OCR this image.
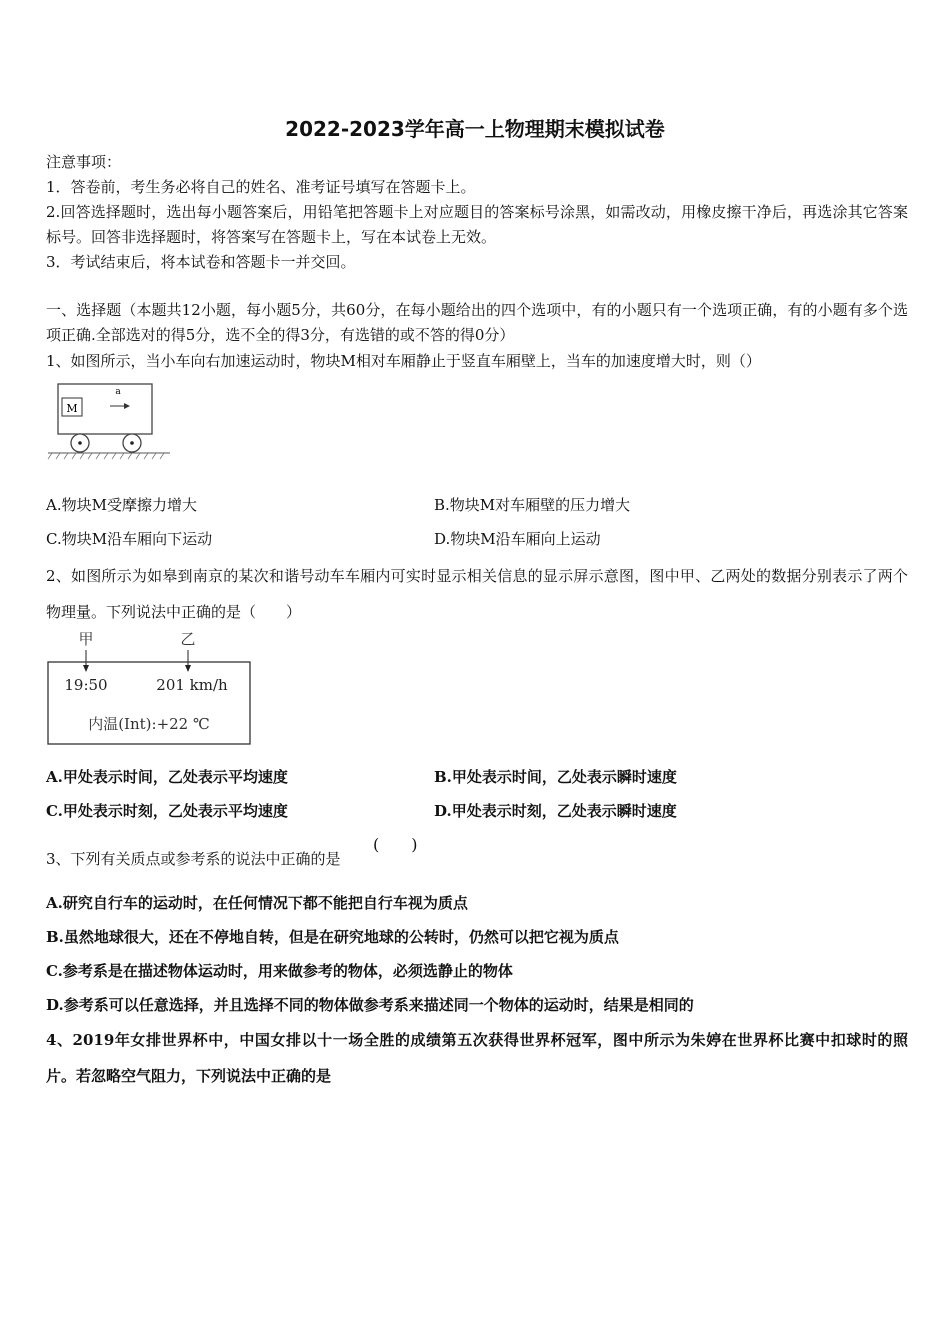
2022-2023学年高一上物理期末模拟试卷
注意事项：
1．答卷前，考生务必将自己的姓名、准考证号填写在答题卡上。
2.回答选择题时，选出每小题答案后，用铅笔把答题卡上对应题目的答案标号涂黑，如需改动，用橡皮擦干净后，再选涂其它答案标号。回答非选择题时，将答案写在答题卡上，写在本试卷上无效。
3．考试结束后，将本试卷和答题卡一并交回。
一、选择题（本题共12小题，每小题5分，共60分，在每小题给出的四个选项中，有的小题只有一个选项正确，有的小题有多个选项正确.全部选对的得5分，选不全的得3分，有选错的或不答的得0分）
1、如图所示，当小车向右加速运动时，物块M相对车厢静止于竖直车厢壁上，当车的加速度增大时，则（）
M
a
A.物块M受摩擦力增大	B.物块M对车厢壁的压力增大
C.物块M沿车厢向下运动	D.物块M沿车厢向上运动
2、如图所示为如皋到南京的某次和谐号动车车厢内可实时显示相关信息的显示屏示意图，图中甲、乙两处的数据分别表示了两个物理量。下列说法中正确的是（　　）
甲	乙
19:50	201 km/h
内温(Int):+22 ℃
A.甲处表示时间，乙处表示平均速度	B.甲处表示时间，乙处表示瞬时速度
C.甲处表示时刻，乙处表示平均速度	D.甲处表示时刻，乙处表示瞬时速度
3、下列有关质点或参考系的说法中正确的是
(　　)
A.研究自行车的运动时，在任何情况下都不能把自行车视为质点
B.虽然地球很大，还在不停地自转，但是在研究地球的公转时，仍然可以把它视为质点
C.参考系是在描述物体运动时，用来做参考的物体，必须选静止的物体
D.参考系可以任意选择，并且选择不同的物体做参考系来描述同一个物体的运动时，结果是相同的
4、2019年女排世界杯中，中国女排以十一场全胜的成绩第五次获得世界杯冠军，图中所示为朱婷在世界杯比赛中扣球时的照片。若忽略空气阻力，下列说法中正确的是
